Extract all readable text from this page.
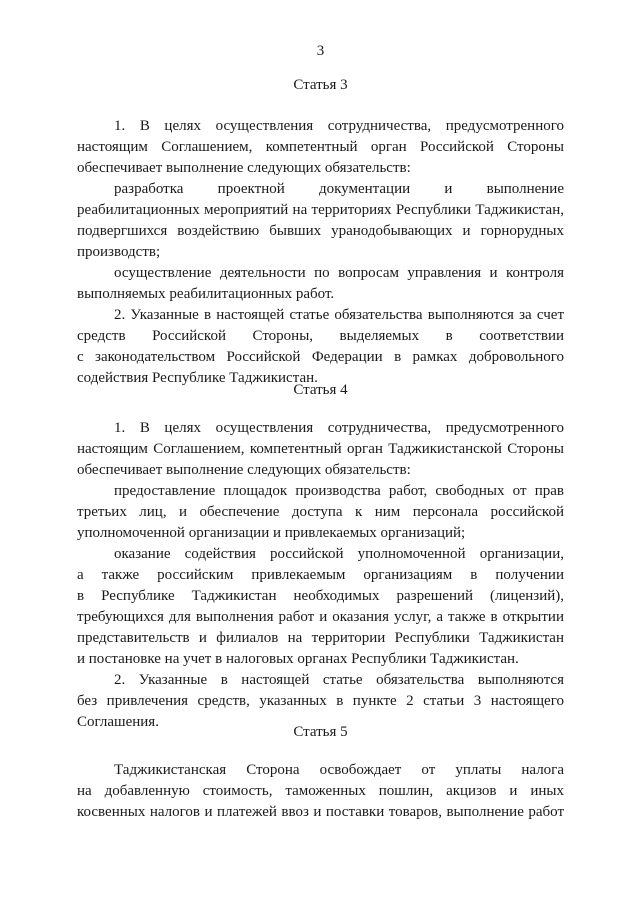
3
Статья 3
1. В целях осуществления сотрудничества, предусмотренного
настоящим Соглашением, компетентный орган Российской Стороны
обеспечивает выполнение следующих обязательств:
разработка проектной документации и выполнение
реабилитационных мероприятий на территориях Республики Таджикистан,
подвергшихся воздействию бывших уранодобывающих и горнорудных
производств;
осуществление деятельности по вопросам управления и контроля
выполняемых реабилитационных работ.
2. Указанные в настоящей статье обязательства выполняются за счет
средств Российской Стороны, выделяемых в соответствии
с законодательством Российской Федерации в рамках добровольного
содействия Республике Таджикистан.
Статья 4
1. В целях осуществления сотрудничества, предусмотренного
настоящим Соглашением, компетентный орган Таджикистанской Стороны
обеспечивает выполнение следующих обязательств:
предоставление площадок производства работ, свободных от прав
третьих лиц, и обеспечение доступа к ним персонала российской
уполномоченной организации и привлекаемых организаций;
оказание содействия российской уполномоченной организации,
а также российским привлекаемым организациям в получении
в Республике Таджикистан необходимых разрешений (лицензий),
требующихся для выполнения работ и оказания услуг, а также в открытии
представительств и филиалов на территории Республики Таджикистан
и постановке на учет в налоговых органах Республики Таджикистан.
2. Указанные в настоящей статье обязательства выполняются
без привлечения средств, указанных в пункте 2 статьи 3 настоящего
Соглашения.
Статья 5
Таджикистанская Сторона освобождает от уплаты налога
на добавленную стоимость, таможенных пошлин, акцизов и иных
косвенных налогов и платежей ввоз и поставки товаров, выполнение работ
